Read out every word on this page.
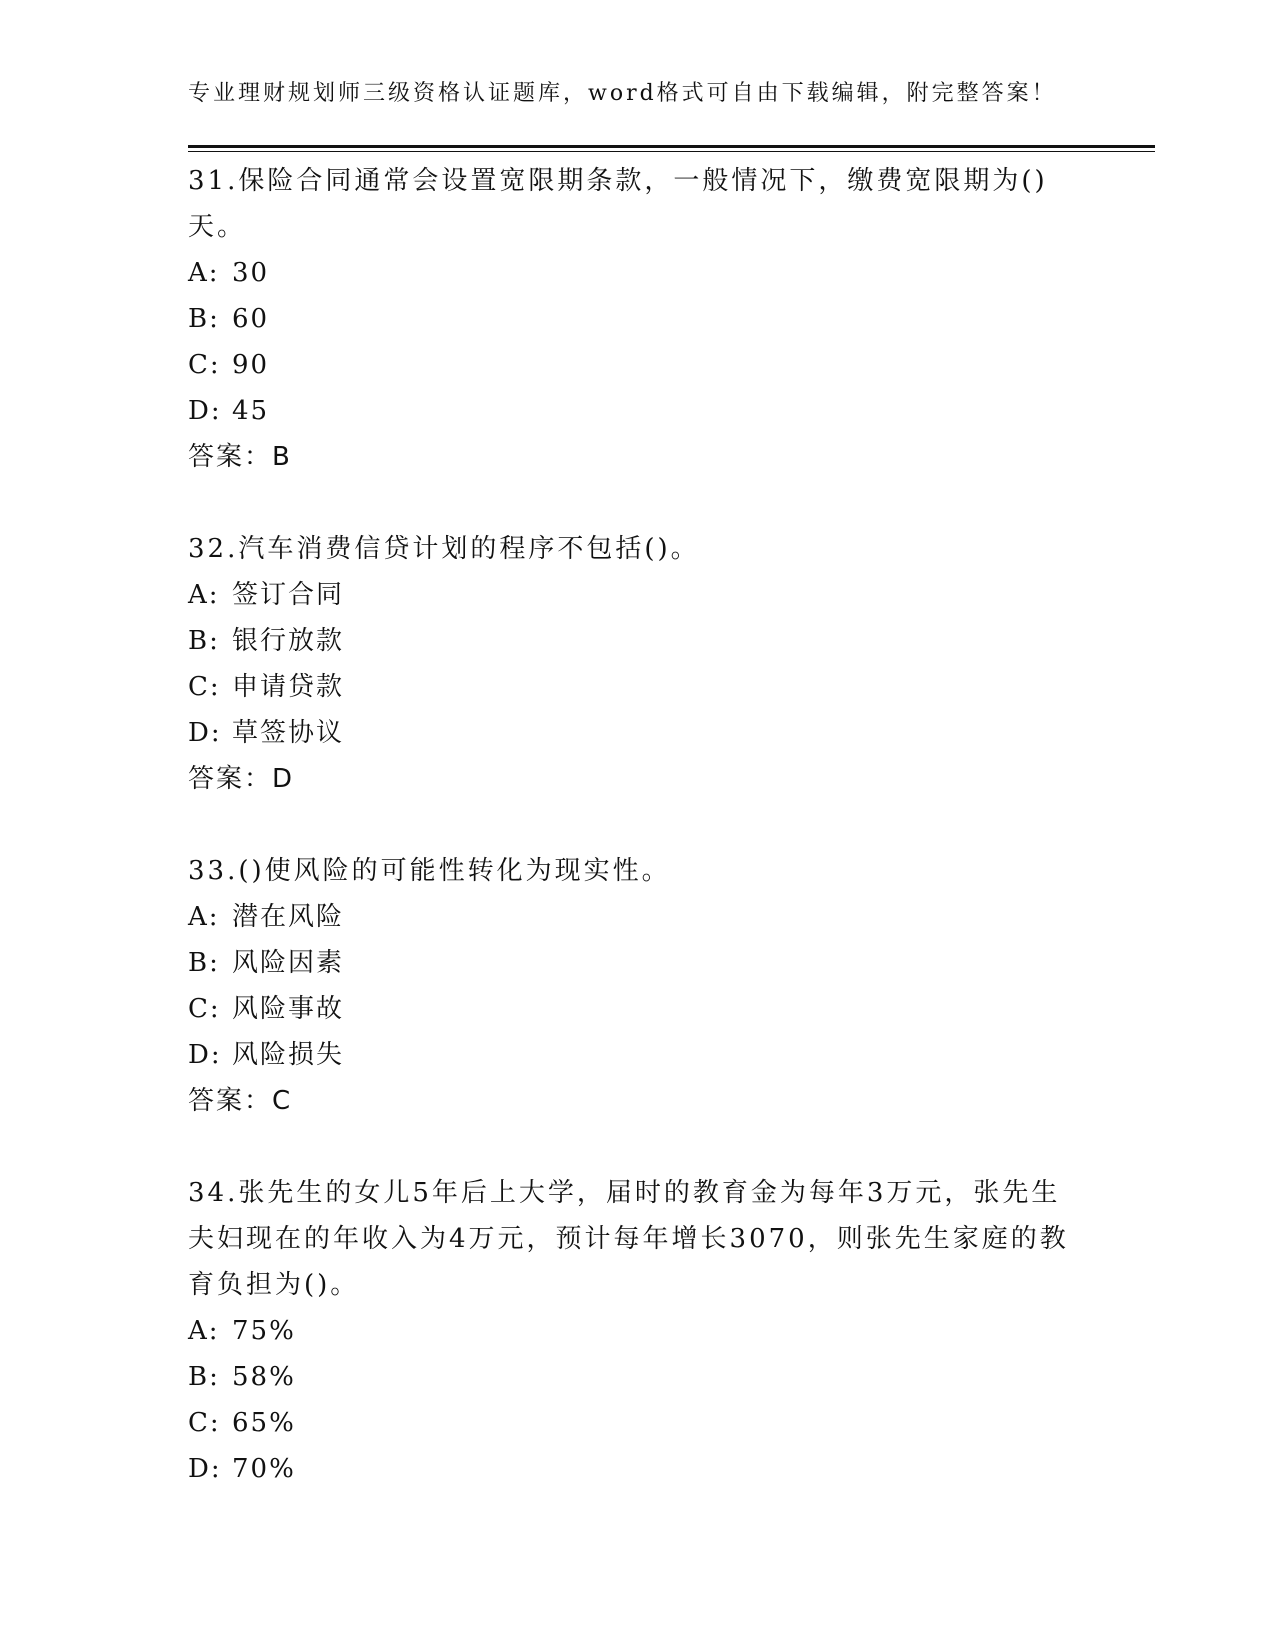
专业理财规划师三级资格认证题库，word格式可自由下载编辑，附完整答案！

31.保险合同通常会设置宽限期条款，一般情况下，缴费宽限期为()天。

A: 30

B: 60

C: 90

D: 45

答案：B

32.汽车消费信贷计划的程序不包括()。

A: 签订合同

B: 银行放款

C: 申请贷款

D: 草签协议

答案：D

33.()使风险的可能性转化为现实性。

A: 潜在风险

B: 风险因素

C: 风险事故

D: 风险损失

答案：C

34.张先生的女儿5年后上大学，届时的教育金为每年3万元，张先生夫妇现在的年收入为4万元，预计每年增长3070，则张先生家庭的教育负担为()。

A: 75%

B: 58%

C: 65%

D: 70%
